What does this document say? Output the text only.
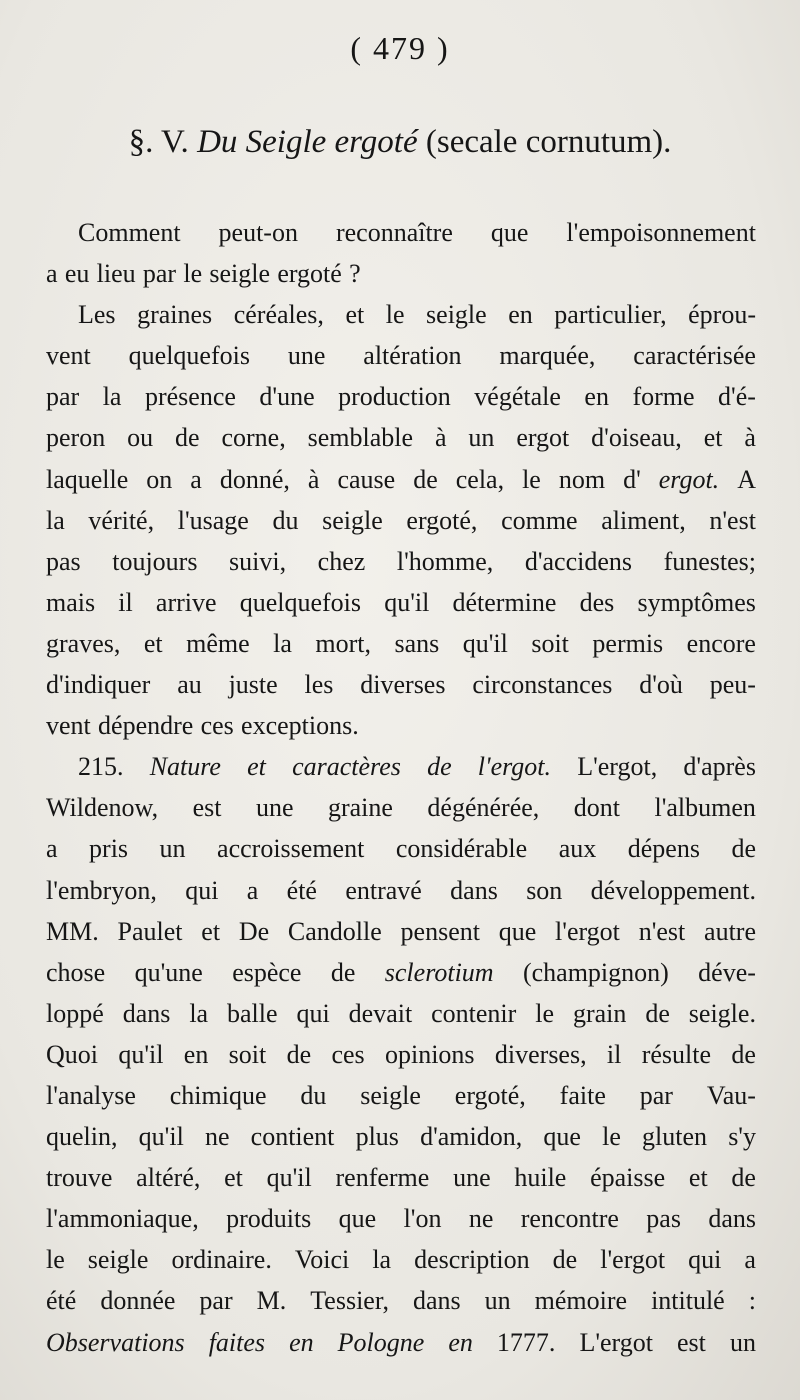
( 479 )
§. V. Du Seigle ergoté (secale cornutum).
Comment peut-on reconnaître que l'empoisonnement
a eu lieu par le seigle ergoté ?
Les graines céréales, et le seigle en particulier, éprou-
vent quelquefois une altération marquée, caractérisée
par la présence d'une production végétale en forme d'é-
peron ou de corne, semblable à un ergot d'oiseau, et à
laquelle on a donné, à cause de cela, le nom d' ergot. A
la vérité, l'usage du seigle ergoté, comme aliment, n'est
pas toujours suivi, chez l'homme, d'accidens funestes;
mais il arrive quelquefois qu'il détermine des symptômes
graves, et même la mort, sans qu'il soit permis encore
d'indiquer au juste les diverses circonstances d'où peu-
vent dépendre ces exceptions.
215. Nature et caractères de l'ergot. L'ergot, d'après
Wildenow, est une graine dégénérée, dont l'albumen
a pris un accroissement considérable aux dépens de
l'embryon, qui a été entravé dans son développement.
MM. Paulet et De Candolle pensent que l'ergot n'est autre
chose qu'une espèce de sclerotium (champignon) déve-
loppé dans la balle qui devait contenir le grain de seigle.
Quoi qu'il en soit de ces opinions diverses, il résulte de
l'analyse chimique du seigle ergoté, faite par Vau-
quelin, qu'il ne contient plus d'amidon, que le gluten s'y
trouve altéré, et qu'il renferme une huile épaisse et de
l'ammoniaque, produits que l'on ne rencontre pas dans
le seigle ordinaire. Voici la description de l'ergot qui a
été donnée par M. Tessier, dans un mémoire intitulé :
Observations faites en Pologne en 1777. L'ergot est un
